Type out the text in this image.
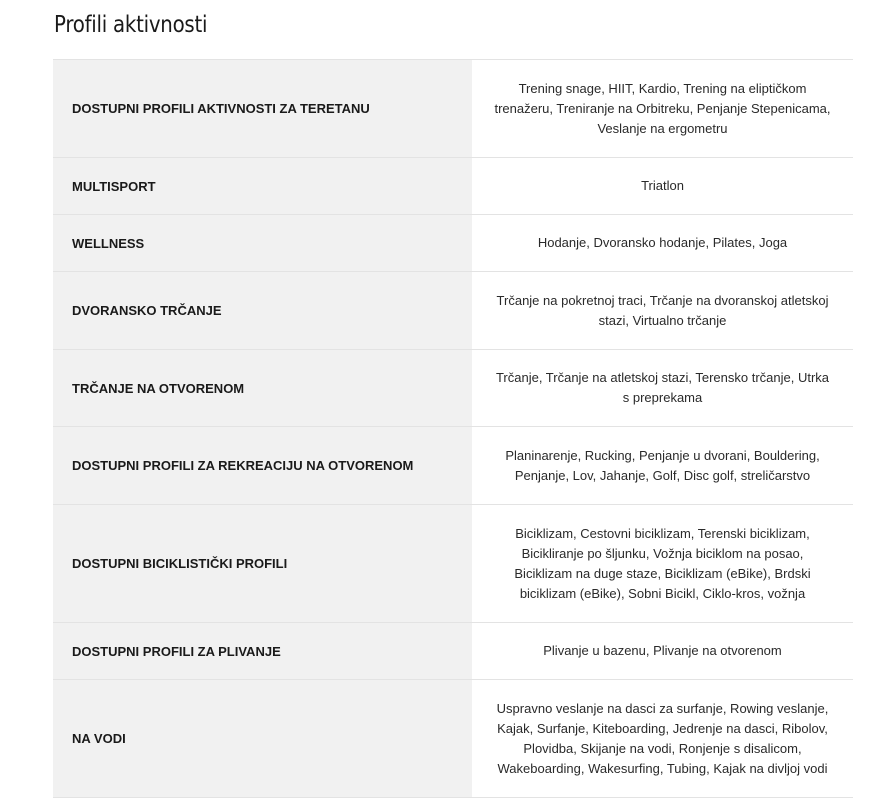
Profili aktivnosti
DOSTUPNI PROFILI AKTIVNOSTI ZA TERETANU	Trening snage, HIIT, Kardio, Trening na eliptičkom trenažeru, Treniranje na Orbitreku, Penjanje Stepenicama, Veslanje na ergometru
MULTISPORT	Triatlon
WELLNESS	Hodanje, Dvoransko hodanje, Pilates, Joga
DVORANSKO TRČANJE	Trčanje na pokretnoj traci, Trčanje na dvoranskoj atletskoj stazi, Virtualno trčanje
TRČANJE NA OTVORENOM	Trčanje, Trčanje na atletskoj stazi, Terensko trčanje, Utrka s preprekama
DOSTUPNI PROFILI ZA REKREACIJU NA OTVORENOM	Planinarenje, Rucking, Penjanje u dvorani, Bouldering, Penjanje, Lov, Jahanje, Golf, Disc golf, streličarstvo
DOSTUPNI BICIKLISTIČKI PROFILI	Biciklizam, Cestovni biciklizam, Terenski biciklizam, Bicikliranje po šljunku, Vožnja biciklom na posao, Biciklizam na duge staze, Biciklizam (eBike), Brdski biciklizam (eBike), Sobni Bicikl, Ciklo-kros, vožnja
DOSTUPNI PROFILI ZA PLIVANJE	Plivanje u bazenu, Plivanje na otvorenom
NA VODI	Uspravno veslanje na dasci za surfanje, Rowing veslanje, Kajak, Surfanje, Kiteboarding, Jedrenje na dasci, Ribolov, Plovidba, Skijanje na vodi, Ronjenje s disalicom, Wakeboarding, Wakesurfing, Tubing, Kajak na divljoj vodi
